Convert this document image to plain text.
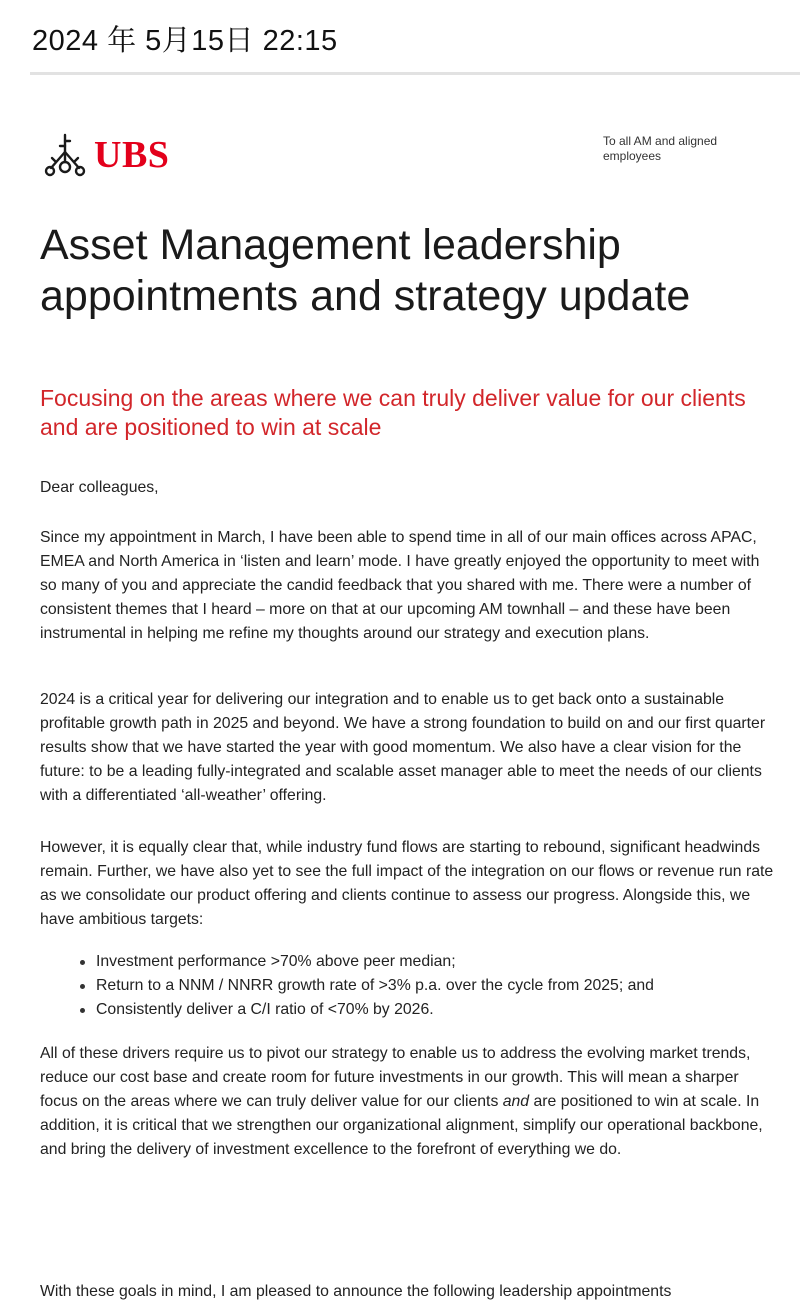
2024 年 5月15日 22:15
UBS	To all AM and aligned employees
Asset Management leadership appointments and strategy update
Focusing on the areas where we can truly deliver value for our clients and are positioned to win at scale

Dear colleagues,

Since my appointment in March, I have been able to spend time in all of our main offices across APAC, EMEA and North America in ‘listen and learn’ mode. I have greatly enjoyed the opportunity to meet with so many of you and appreciate the candid feedback that you shared with me. There were a number of consistent themes that I heard – more on that at our upcoming AM townhall – and these have been instrumental in helping me refine my thoughts around our strategy and execution plans.

2024 is a critical year for delivering our integration and to enable us to get back onto a sustainable profitable growth path in 2025 and beyond. We have a strong foundation to build on and our first quarter results show that we have started the year with good momentum. We also have a clear vision for the future: to be a leading fully-integrated and scalable asset manager able to meet the needs of our clients with a differentiated ‘all-weather’ offering.

However, it is equally clear that, while industry fund flows are starting to rebound, significant headwinds remain. Further, we have also yet to see the full impact of the integration on our flows or revenue run rate as we consolidate our product offering and clients continue to assess our progress. Alongside this, we have ambitious targets:

Investment performance >70% above peer median;
Return to a NNM / NNRR growth rate of >3% p.a. over the cycle from 2025; and
Consistently deliver a C/I ratio of <70% by 2026.

All of these drivers require us to pivot our strategy to enable us to address the evolving market trends, reduce our cost base and create room for future investments in our growth. This will mean a sharper focus on the areas where we can truly deliver value for our clients and are positioned to win at scale. In addition, it is critical that we strengthen our organizational alignment, simplify our operational backbone, and bring the delivery of investment excellence to the forefront of everything we do.

With these goals in mind, I am pleased to announce the following leadership appointments
